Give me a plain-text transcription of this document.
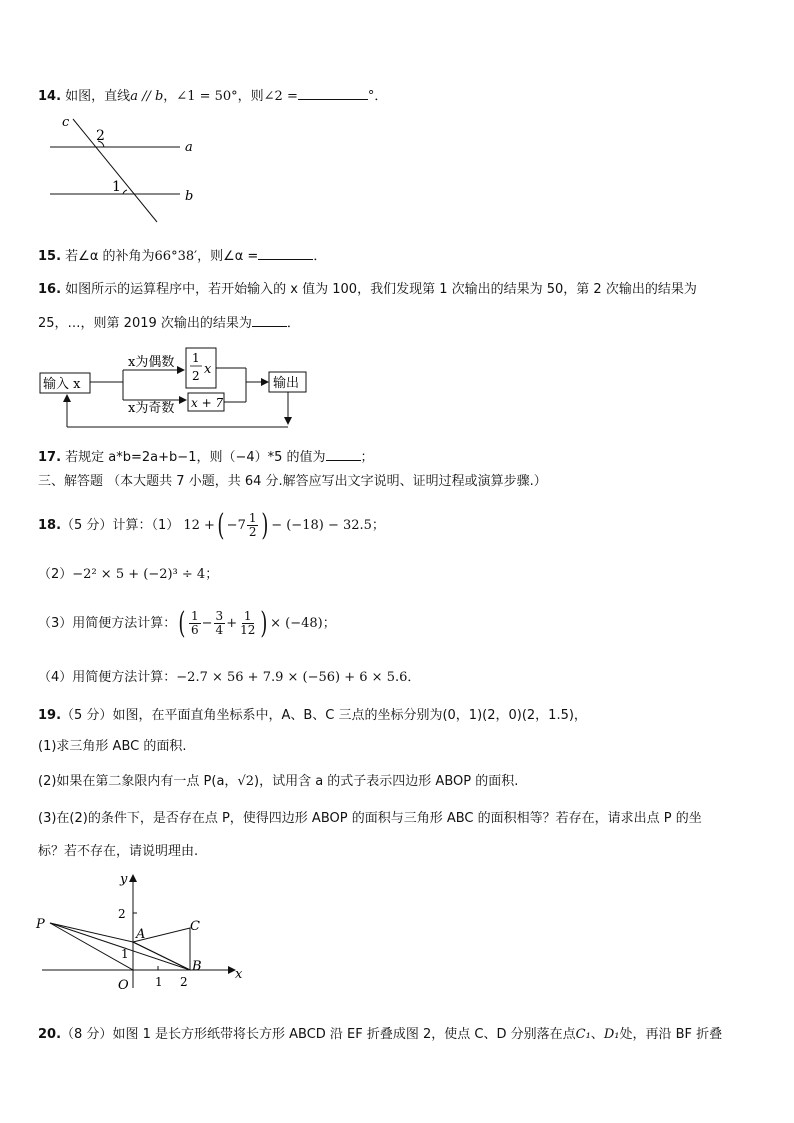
14. 如图，直线a // b，∠1 = 50°，则∠2 =	°．
c
2
a
1
b
15. 若∠α 的补角为66°38′，则∠α =	．
16. 如图所示的运算程序中，若开始输入的 x 值为 100，我们发现第 1 次输出的结果为 50，第 2 次输出的结果为
25，…，则第 2019 次输出的结果为	．
输入 x
x为偶数
x为奇数
1
2 x
x + 7
输出
17. 若规定 a*b=2a+b−1，则（−4）*5 的值为	；
三、解答题 （本大题共 7 小题，共 64 分.解答应写出文字说明、证明过程或演算步骤.）
18.（5 分）计算：（1） 12 +( $-7 \frac{1}{2}$ ) − (−18) − 32.5；
（2）−2² × 5 + (−2)³ ÷ 4；
（3）用简便方法计算：( $\frac{1}{6} - \frac{3}{4} + \frac{1}{12}$ ) × (−48)；
（4）用简便方法计算：−2.7 × 56 + 7.9 × (−56) + 6 × 5.6．
19.（5 分）如图，在平面直角坐标系中，A、B、C 三点的坐标分别为(0，1)(2，0)(2，1.5)，
(1)求三角形 ABC 的面积.
(2)如果在第二象限内有一点 P(a，√2)，试用含 a 的式子表示四边形 ABOP 的面积.
(3)在(2)的条件下，是否存在点 P，使得四边形 ABOP 的面积与三角形 ABC 的面积相等？若存在，请求出点 P 的坐
标？若不存在，请说明理由.
y
x
2
1
1 2
O
A
B
C
P
20.（8 分）如图 1 是长方形纸带将长方形 ABCD 沿 EF 折叠成图 2，使点 C、D 分别落在点C₁、D₁处，再沿 BF 折叠
